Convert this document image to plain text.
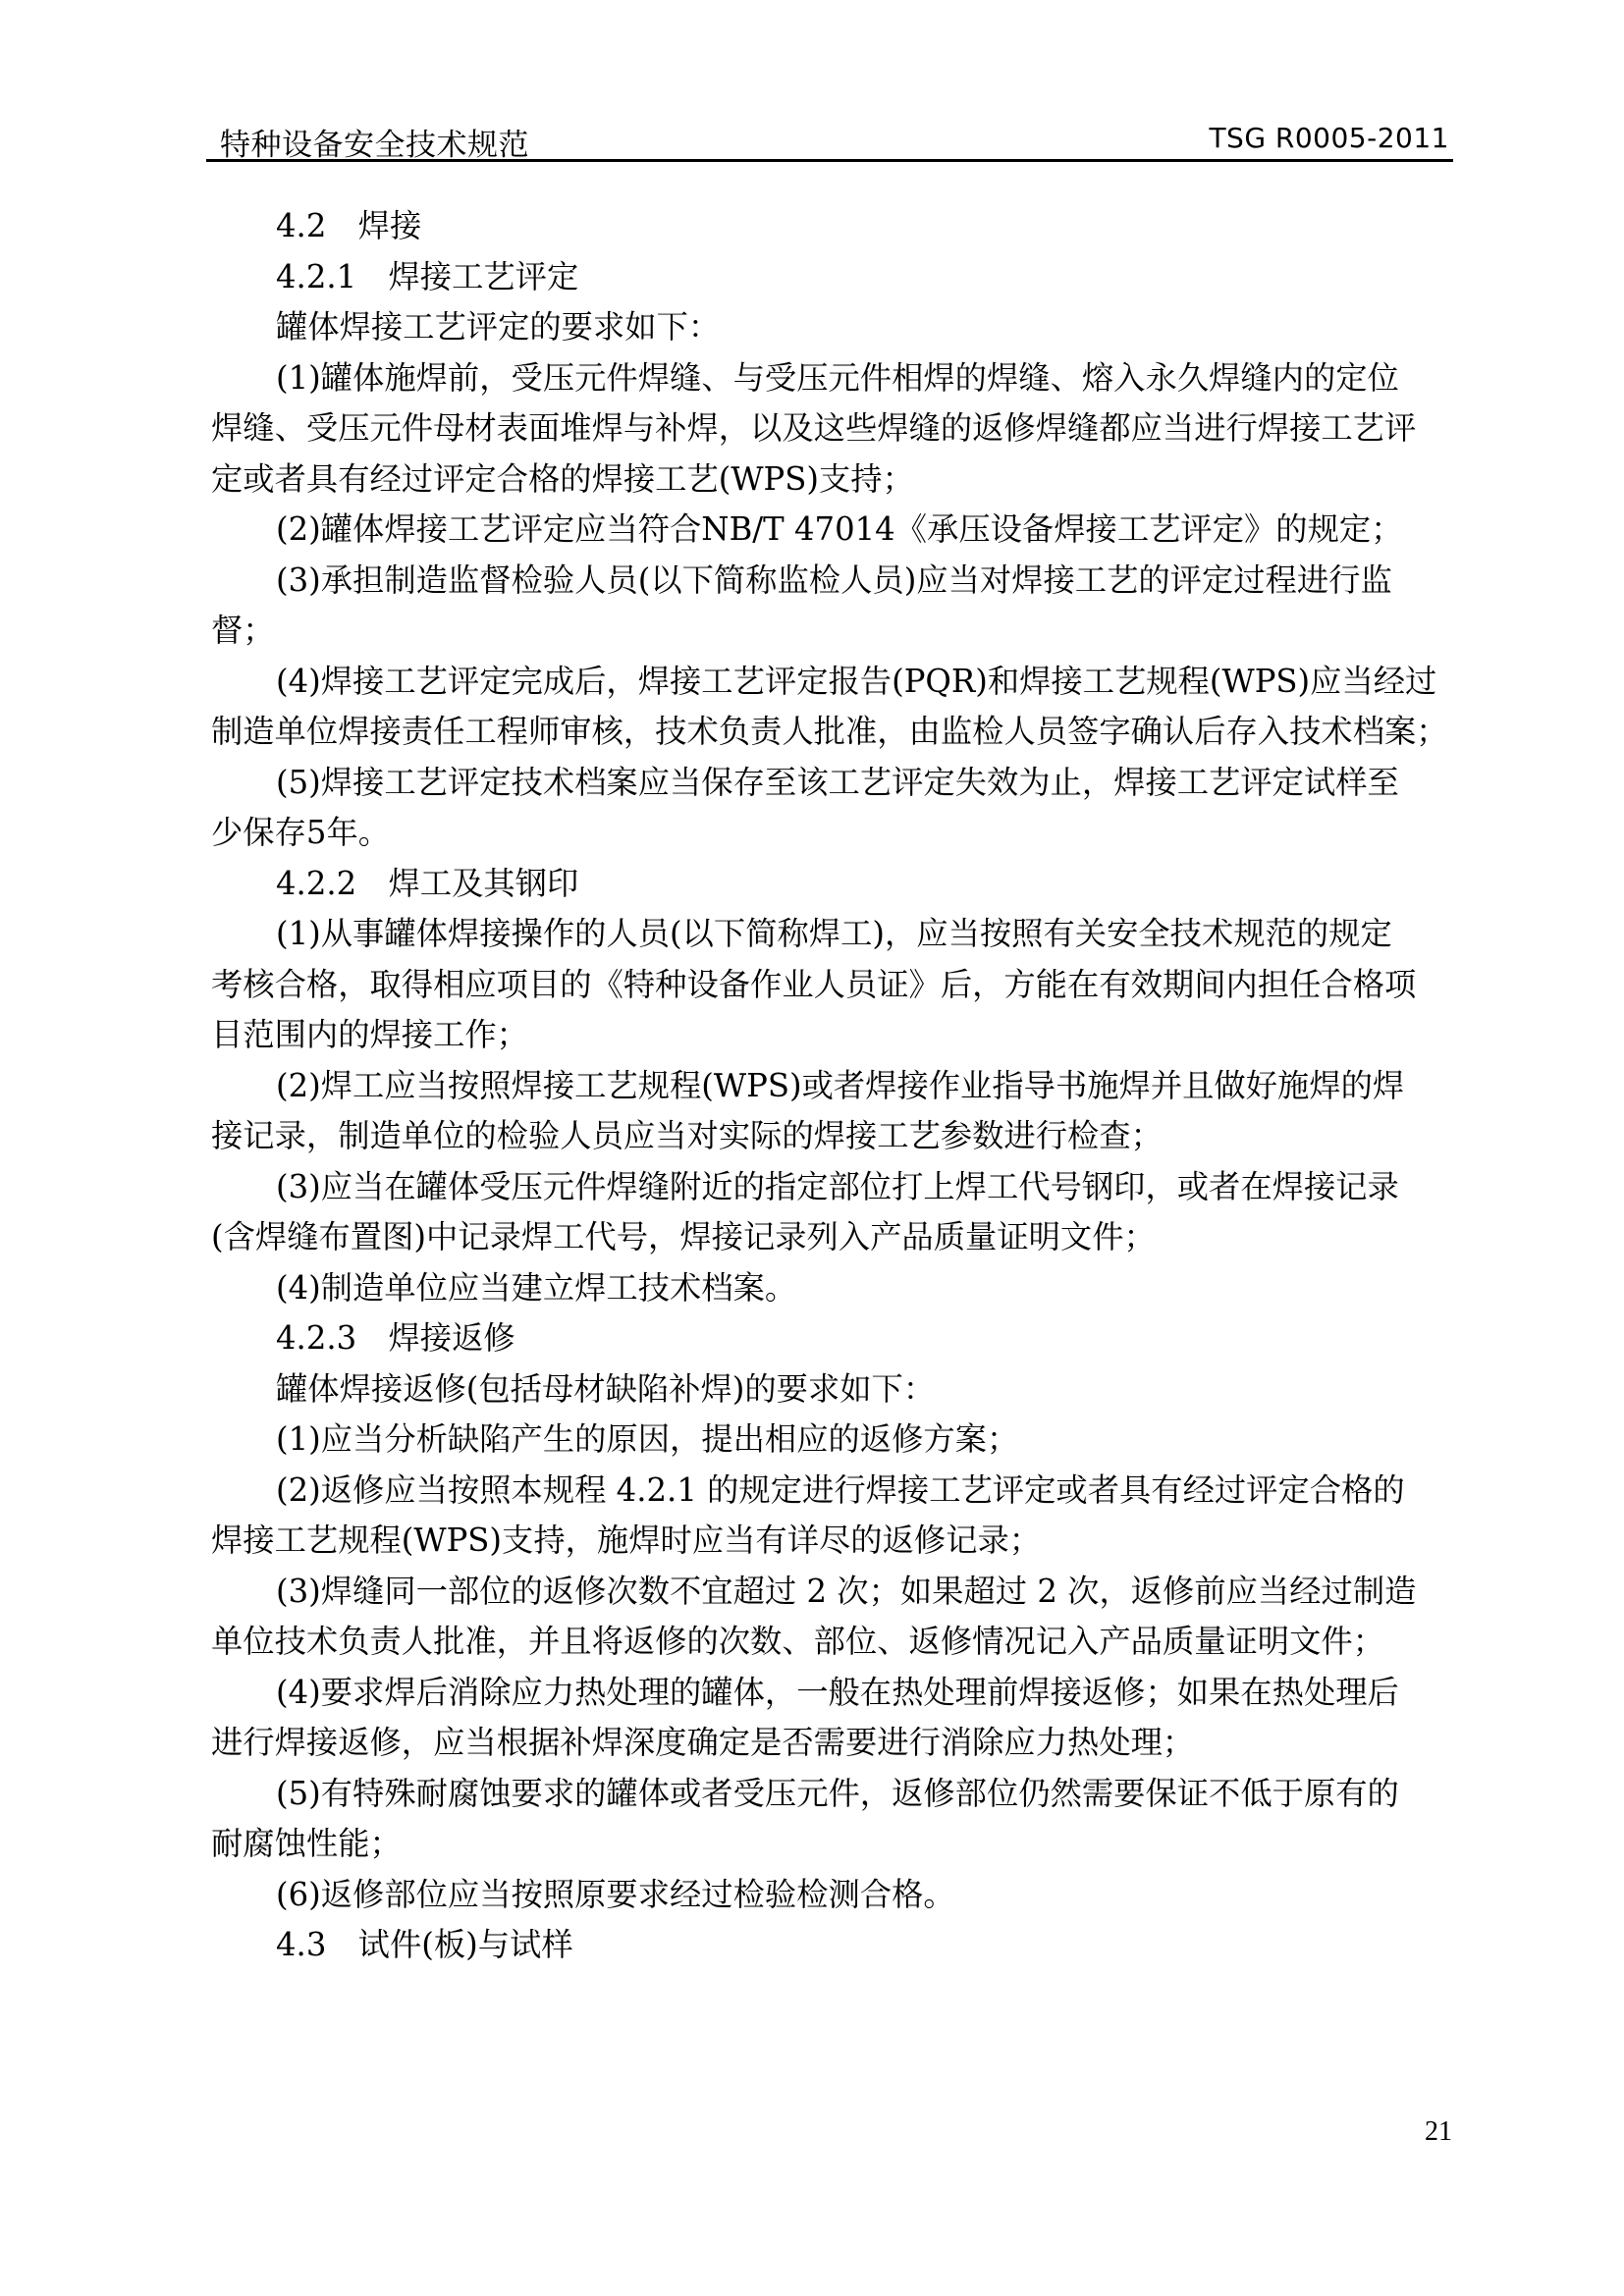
特种设备安全技术规范	TSG R0005-2011
4.2　焊接
4.2.1　焊接工艺评定
罐体焊接工艺评定的要求如下：
(1)罐体施焊前，受压元件焊缝、与受压元件相焊的焊缝、熔入永久焊缝内的定位
焊缝、受压元件母材表面堆焊与补焊，以及这些焊缝的返修焊缝都应当进行焊接工艺评
定或者具有经过评定合格的焊接工艺(WPS)支持；
(2)罐体焊接工艺评定应当符合NB/T 47014《承压设备焊接工艺评定》的规定；
(3)承担制造监督检验人员(以下简称监检人员)应当对焊接工艺的评定过程进行监
督；
(4)焊接工艺评定完成后，焊接工艺评定报告(PQR)和焊接工艺规程(WPS)应当经过
制造单位焊接责任工程师审核，技术负责人批准，由监检人员签字确认后存入技术档案；
(5)焊接工艺评定技术档案应当保存至该工艺评定失效为止，焊接工艺评定试样至
少保存5年。
4.2.2　焊工及其钢印
(1)从事罐体焊接操作的人员(以下简称焊工)，应当按照有关安全技术规范的规定
考核合格，取得相应项目的《特种设备作业人员证》后，方能在有效期间内担任合格项
目范围内的焊接工作；
(2)焊工应当按照焊接工艺规程(WPS)或者焊接作业指导书施焊并且做好施焊的焊
接记录，制造单位的检验人员应当对实际的焊接工艺参数进行检查；
(3)应当在罐体受压元件焊缝附近的指定部位打上焊工代号钢印，或者在焊接记录
(含焊缝布置图)中记录焊工代号，焊接记录列入产品质量证明文件；
(4)制造单位应当建立焊工技术档案。
4.2.3　焊接返修
罐体焊接返修(包括母材缺陷补焊)的要求如下：
(1)应当分析缺陷产生的原因，提出相应的返修方案；
(2)返修应当按照本规程 4.2.1 的规定进行焊接工艺评定或者具有经过评定合格的
焊接工艺规程(WPS)支持，施焊时应当有详尽的返修记录；
(3)焊缝同一部位的返修次数不宜超过 2 次；如果超过 2 次，返修前应当经过制造
单位技术负责人批准，并且将返修的次数、部位、返修情况记入产品质量证明文件；
(4)要求焊后消除应力热处理的罐体，一般在热处理前焊接返修；如果在热处理后
进行焊接返修，应当根据补焊深度确定是否需要进行消除应力热处理；
(5)有特殊耐腐蚀要求的罐体或者受压元件，返修部位仍然需要保证不低于原有的
耐腐蚀性能；
(6)返修部位应当按照原要求经过检验检测合格。
4.3　试件(板)与试样
21
